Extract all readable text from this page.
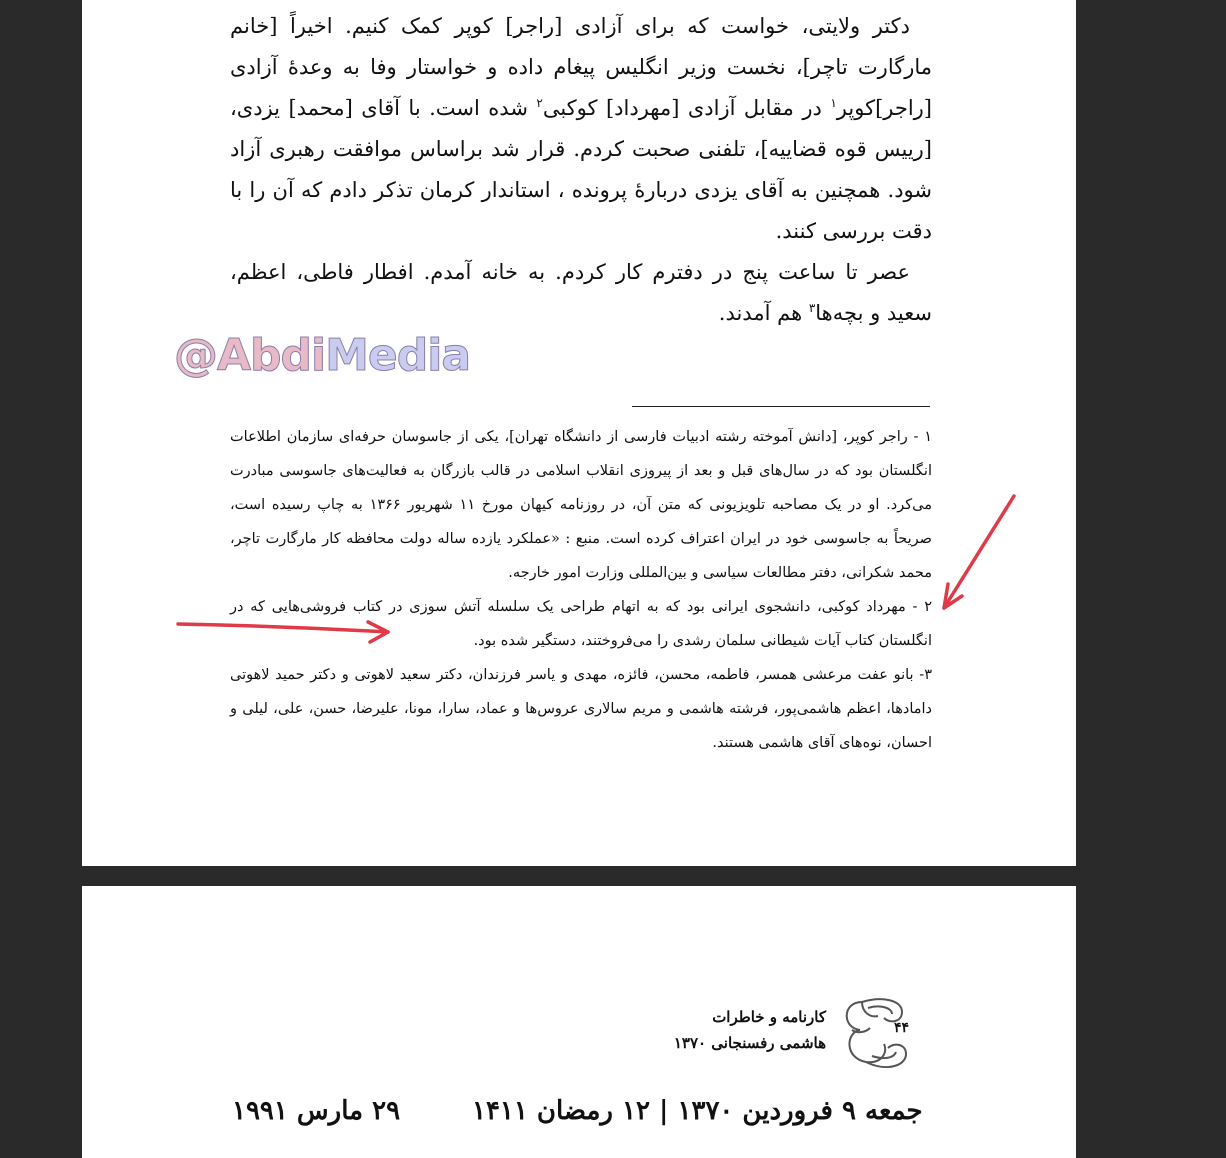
دکتر ولایتی، خواست که برای آزادی [راجر] کوپر کمک کنیم. اخیراً [خانم مارگارت تاچر]، نخست وزیر انگلیس پیغام داده و خواستار وفا به وعدهٔ آزادی [راجر]کوپر$^۱$ در مقابل آزادی [مهرداد] کوکبی$^۲$ شده است. با آقای [محمد] یزدی، [رییس قوه قضاییه]، تلفنی صحبت کردم. قرار شد براساس موافقت رهبری آزاد شود. همچنین به آقای یزدی دربارهٔ پرونده ، استاندار کرمان تذکر دادم که آن را با دقت بررسی کنند.

عصر تا ساعت پنج در دفترم کار کردم. به خانه آمدم. افطار فاطی، اعظم، سعید و بچه‌ها$^۳$ هم آمدند.

@AbdiMedia

۱ - راجر کوپر، [دانش آموخته رشته ادبیات فارسی از دانشگاه تهران]، یکی از جاسوسان حرفه‌ای سازمان اطلاعات انگلستان بود که در سال‌های قبل و بعد از پیروزی انقلاب اسلامی در قالب بازرگان به فعالیت‌های جاسوسی مبادرت می‌کرد. او در یک مصاحبه تلویزیونی که متن آن، در روزنامه کیهان مورخ ۱۱ شهریور ۱۳۶۶ به چاپ رسیده است، صریحاً به جاسوسی خود در ایران اعتراف کرده است. منبع : «عملکرد یازده ساله دولت محافظه کار مارگارت تاچر، محمد شکرانی، دفتر مطالعات سیاسی و بین‌المللی وزارت امور خارجه.

۲ - مهرداد کوکبی، دانشجوی ایرانی بود که به اتهام طراحی یک سلسله آتش سوزی در کتاب فروشی‌هایی که در انگلستان کتاب آیات شیطانی سلمان رشدی را می‌فروختند، دستگیر شده بود.

۳- بانو عفت مرعشی همسر، فاطمه، محسن، فائزه، مهدی و یاسر فرزندان، دکتر سعید لاهوتی و دکتر حمید لاهوتی دامادها، اعظم هاشمی‌پور، فرشته هاشمی و مریم سالاری عروس‌ها و عماد، سارا، مونا، علیرضا، حسن، علی، لیلی و احسان، نوه‌های آقای هاشمی هستند.

کارنامه و خاطرات
هاشمی رفسنجانی ۱۳۷۰
۴۴
جمعه ۹ فروردین ۱۳۷۰ | ۱۲ رمضان ۱۴۱۱
۲۹ مارس ۱۹۹۱
